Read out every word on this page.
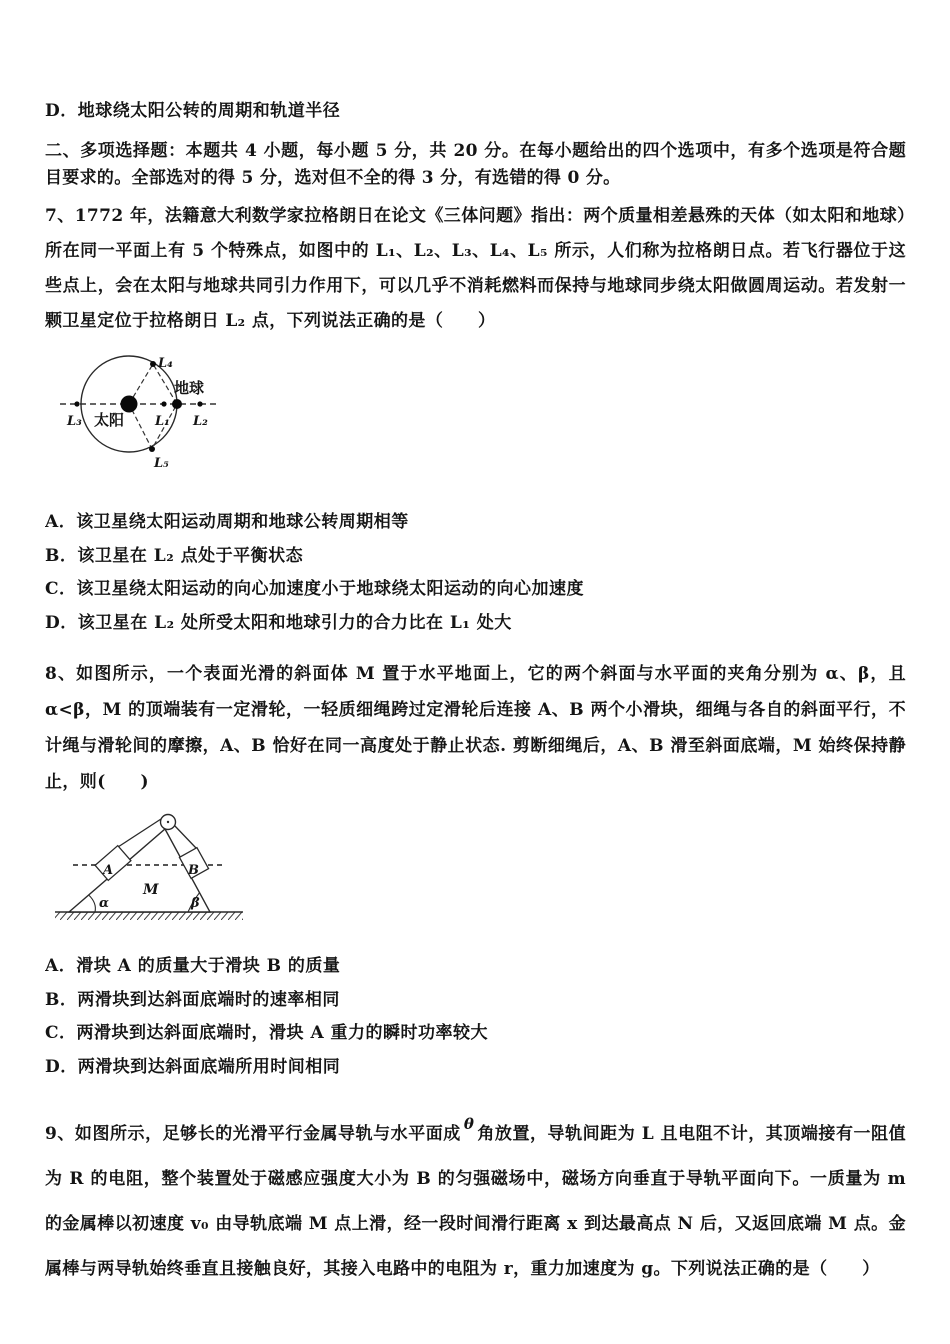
D．地球绕太阳公转的周期和轨道半径

二、多项选择题：本题共 4 小题，每小题 5 分，共 20 分。在每小题给出的四个选项中，有多个选项是符合题目要求的。全部选对的得 5 分，选对但不全的得 3 分，有选错的得 0 分。

7、1772 年，法籍意大利数学家拉格朗日在论文《三体问题》指出：两个质量相差悬殊的天体（如太阳和地球）所在同一平面上有 5 个特殊点，如图中的 L₁、L₂、L₃、L₄、L₅ 所示，人们称为拉格朗日点。若飞行器位于这些点上，会在太阳与地球共同引力作用下，可以几乎不消耗燃料而保持与地球同步绕太阳做圆周运动。若发射一颗卫星定位于拉格朗日 L₂ 点，下列说法正确的是（　　）

太阳
地球
L₁ L₂
L₃
L₄
L₅

A．该卫星绕太阳运动周期和地球公转周期相等

B．该卫星在 L₂ 点处于平衡状态

C．该卫星绕太阳运动的向心加速度小于地球绕太阳运动的向心加速度

D．该卫星在 L₂ 处所受太阳和地球引力的合力比在 L₁ 处大

8、如图所示，一个表面光滑的斜面体 M 置于水平地面上，它的两个斜面与水平面的夹角分别为 α、β，且 α<β，M 的顶端装有一定滑轮，一轻质细绳跨过定滑轮后连接 A、B 两个小滑块，细绳与各自的斜面平行，不计绳与滑轮间的摩擦，A、B 恰好在同一高度处于静止状态. 剪断细绳后，A、B 滑至斜面底端，M 始终保持静止，则(　　)

A	B
M
α	β

A．滑块 A 的质量大于滑块 B 的质量

B．两滑块到达斜面底端时的速率相同

C．两滑块到达斜面底端时，滑块 A 重力的瞬时功率较大

D．两滑块到达斜面底端所用时间相同

9、如图所示，足够长的光滑平行金属导轨与水平面成 θ 角放置，导轨间距为 L 且电阻不计，其顶端接有一阻值为 R 的电阻，整个装置处于磁感应强度大小为 B 的匀强磁场中，磁场方向垂直于导轨平面向下。一质量为 m 的金属棒以初速度 v₀ 由导轨底端 M 点上滑，经一段时间滑行距离 x 到达最高点 N 后，又返回底端 M 点。金属棒与两导轨始终垂直且接触良好，其接入电路中的电阻为 r，重力加速度为 g。下列说法正确的是（　　）
